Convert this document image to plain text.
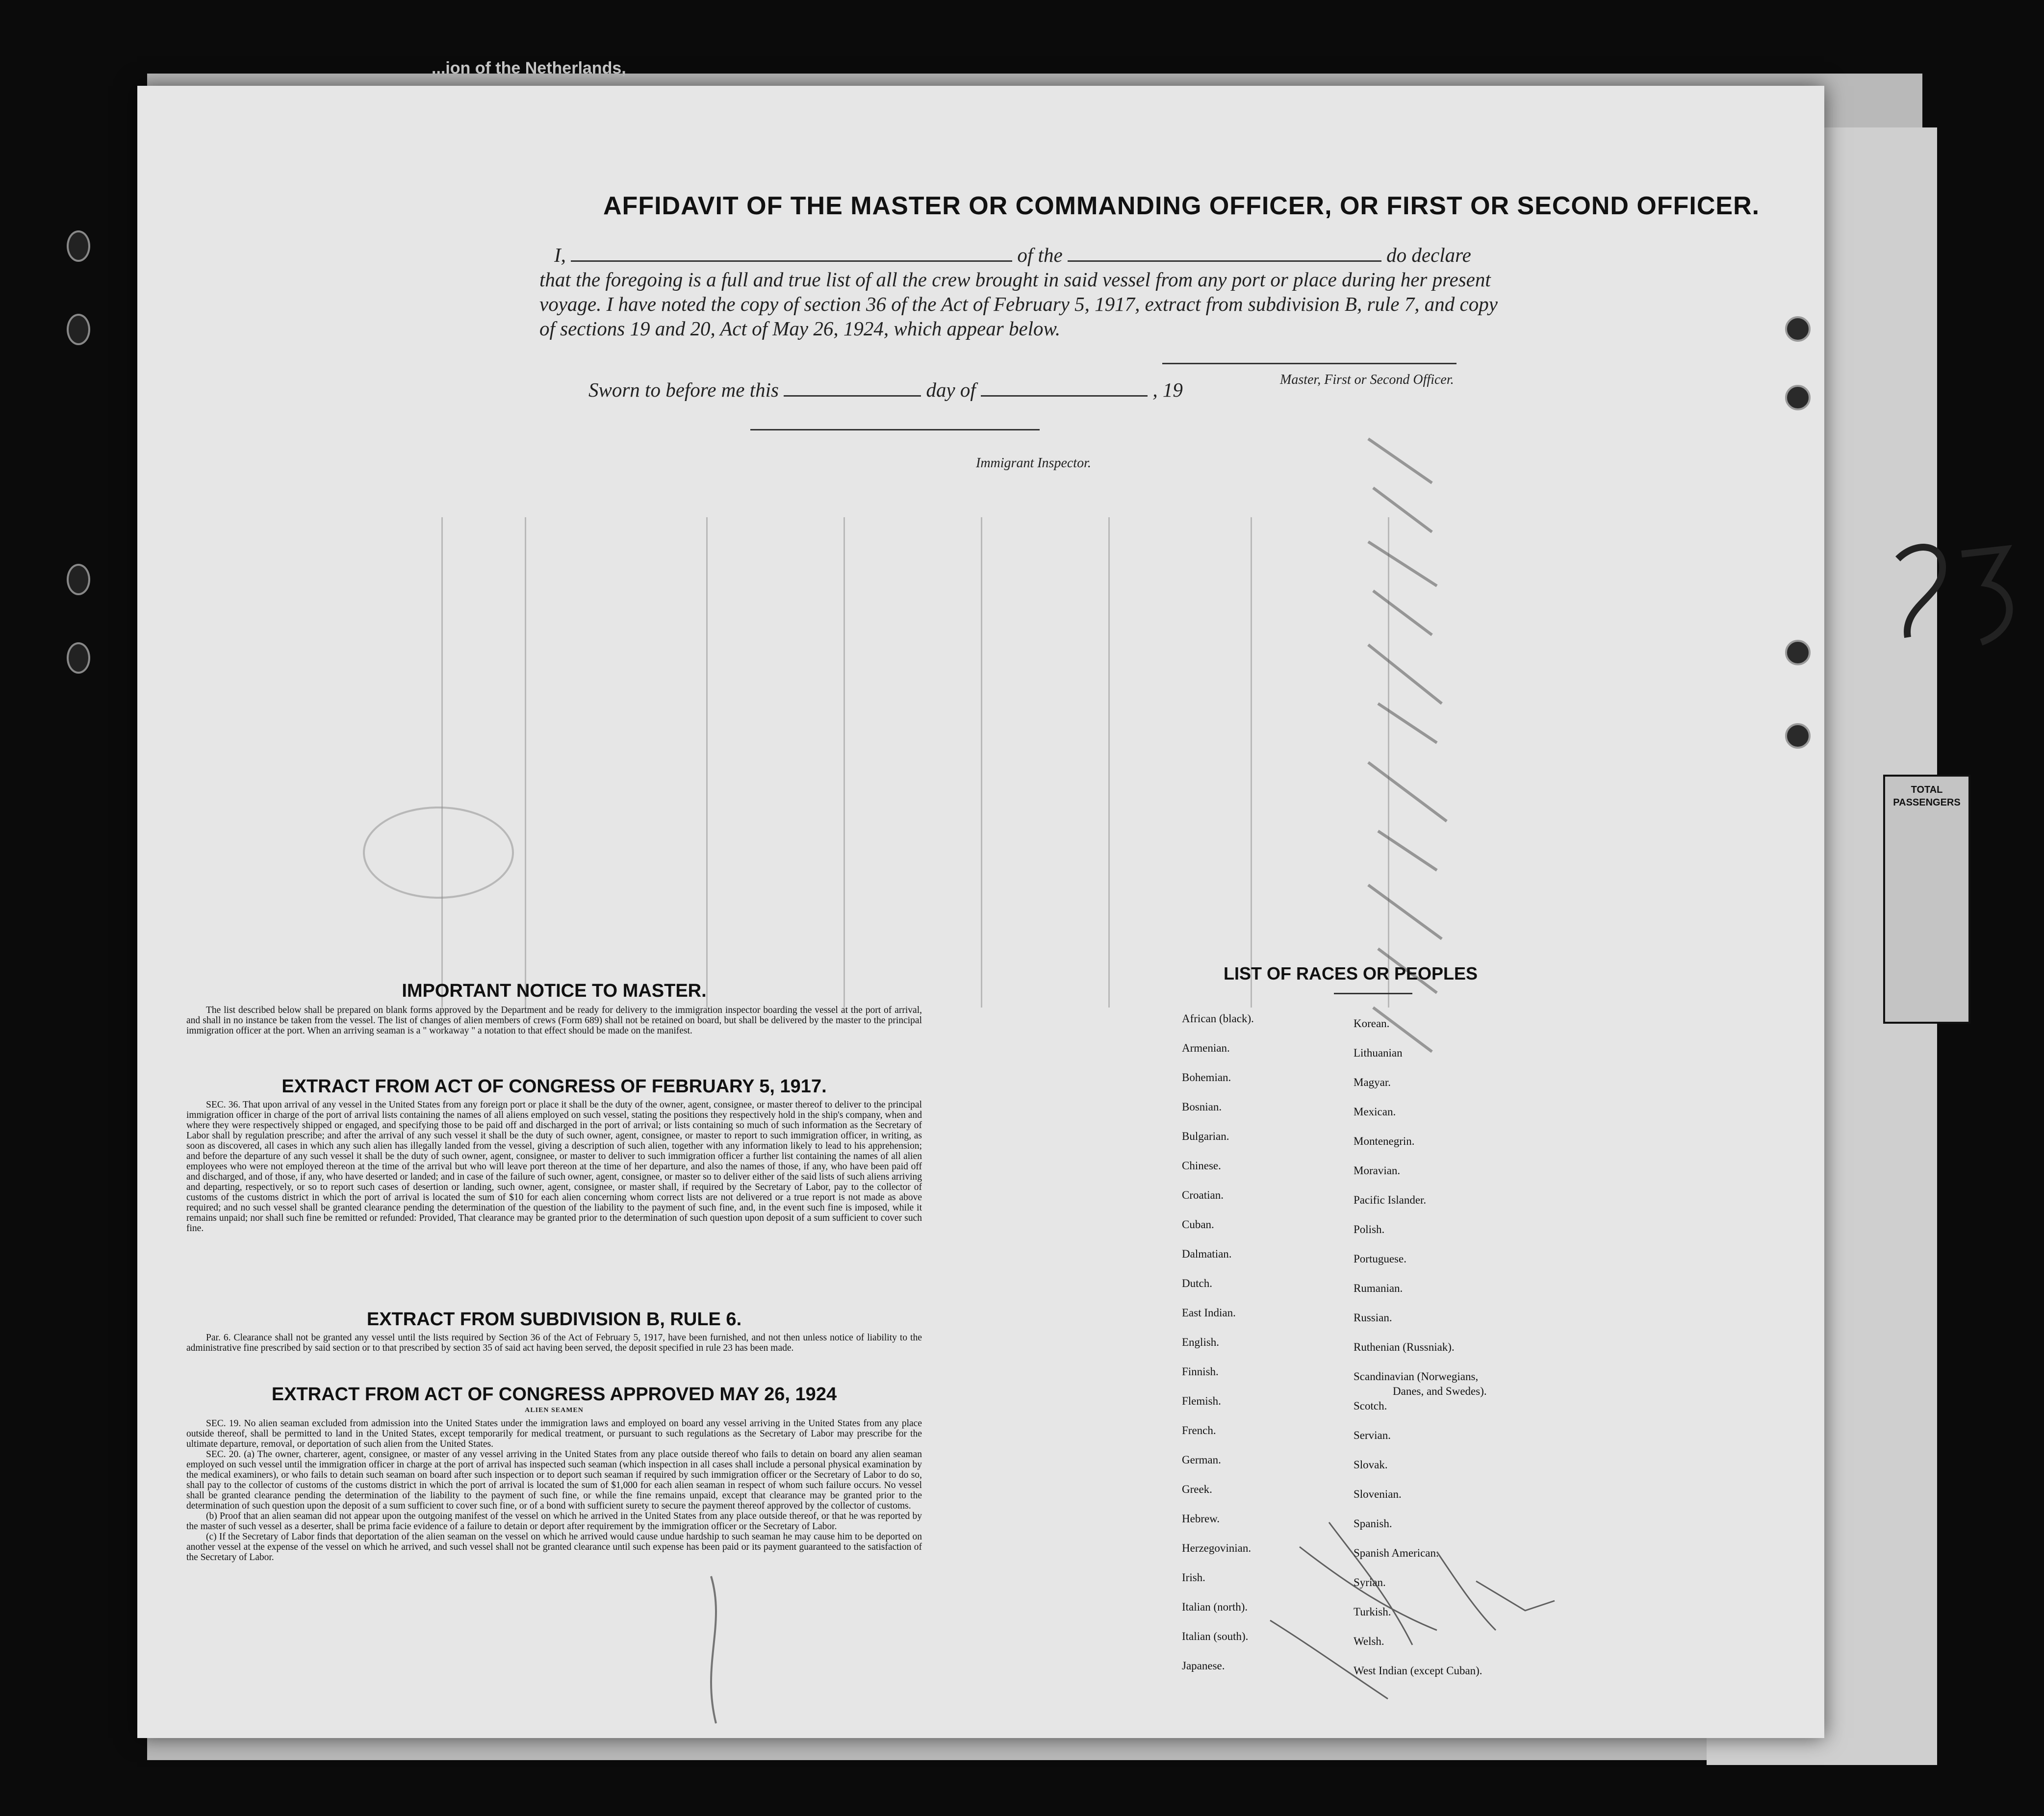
...ion of the Netherlands,
TOTAL PASSENGERS
AFFIDAVIT OF THE MASTER OR COMMANDING OFFICER, OR FIRST OR SECOND OFFICER.
I,	of the	do declare
that the foregoing is a full and true list of all the crew brought in said vessel from any port or place during her present
voyage. I have noted the copy of section 36 of the Act of February 5, 1917, extract from subdivision B, rule 7, and copy
of sections 19 and 20, Act of May 26, 1924, which appear below.
Master, First or Second Officer.
Sworn to before me this	day of	, 19
Immigrant Inspector.
IMPORTANT NOTICE TO MASTER.

The list described below shall be prepared on blank forms approved by the Department and be ready for delivery to the immigration inspector boarding the vessel at the port of arrival, and shall in no instance be taken from the vessel. The list of changes of alien members of crews (Form 689) shall not be retained on board, but shall be delivered by the master to the principal immigration officer at the port. When an arriving seaman is a " workaway " a notation to that effect should be made on the manifest.

EXTRACT FROM ACT OF CONGRESS OF FEBRUARY 5, 1917.

SEC. 36. That upon arrival of any vessel in the United States from any foreign port or place it shall be the duty of the owner, agent, consignee, or master thereof to deliver to the principal immigration officer in charge of the port of arrival lists containing the names of all aliens employed on such vessel, stating the positions they respectively hold in the ship's company, when and where they were respectively shipped or engaged, and specifying those to be paid off and discharged in the port of arrival; or lists containing so much of such information as the Secretary of Labor shall by regulation prescribe; and after the arrival of any such vessel it shall be the duty of such owner, agent, consignee, or master to report to such immigration officer, in writing, as soon as discovered, all cases in which any such alien has illegally landed from the vessel, giving a description of such alien, together with any information likely to lead to his apprehension; and before the departure of any such vessel it shall be the duty of such owner, agent, consignee, or master to deliver to such immigration officer a further list containing the names of all alien employees who were not employed thereon at the time of the arrival but who will leave port thereon at the time of her departure, and also the names of those, if any, who have been paid off and discharged, and of those, if any, who have deserted or landed; and in case of the failure of such owner, agent, consignee, or master so to deliver either of the said lists of such aliens arriving and departing, respectively, or so to report such cases of desertion or landing, such owner, agent, consignee, or master shall, if required by the Secretary of Labor, pay to the collector of customs of the customs district in which the port of arrival is located the sum of $10 for each alien concerning whom correct lists are not delivered or a true report is not made as above required; and no such vessel shall be granted clearance pending the determination of the question of the liability to the payment of such fine, and, in the event such fine is imposed, while it remains unpaid; nor shall such fine be remitted or refunded: Provided, That clearance may be granted prior to the determination of such question upon deposit of a sum sufficient to cover such fine.

EXTRACT FROM SUBDIVISION B, RULE 6.

Par. 6. Clearance shall not be granted any vessel until the lists required by Section 36 of the Act of February 5, 1917, have been furnished, and not then unless notice of liability to the administrative fine prescribed by said section or to that prescribed by section 35 of said act having been served, the deposit specified in rule 23 has been made.

EXTRACT FROM ACT OF CONGRESS APPROVED MAY 26, 1924
ALIEN SEAMEN

SEC. 19. No alien seaman excluded from admission into the United States under the immigration laws and employed on board any vessel arriving in the United States from any place outside thereof, shall be permitted to land in the United States, except temporarily for medical treatment, or pursuant to such regulations as the Secretary of Labor may prescribe for the ultimate departure, removal, or deportation of such alien from the United States.

SEC. 20. (a) The owner, charterer, agent, consignee, or master of any vessel arriving in the United States from any place outside thereof who fails to detain on board any alien seaman employed on such vessel until the immigration officer in charge at the port of arrival has inspected such seaman (which inspection in all cases shall include a personal physical examination by the medical examiners), or who fails to detain such seaman on board after such inspection or to deport such seaman if required by such immigration officer or the Secretary of Labor to do so, shall pay to the collector of customs of the customs district in which the port of arrival is located the sum of $1,000 for each alien seaman in respect of whom such failure occurs. No vessel shall be granted clearance pending the determination of the liability to the payment of such fine, or while the fine remains unpaid, except that clearance may be granted prior to the determination of such question upon the deposit of a sum sufficient to cover such fine, or of a bond with sufficient surety to secure the payment thereof approved by the collector of customs.

(b) Proof that an alien seaman did not appear upon the outgoing manifest of the vessel on which he arrived in the United States from any place outside thereof, or that he was reported by the master of such vessel as a deserter, shall be prima facie evidence of a failure to detain or deport after requirement by the immigration officer or the Secretary of Labor.

(c) If the Secretary of Labor finds that deportation of the alien seaman on the vessel on which he arrived would cause undue hardship to such seaman he may cause him to be deported on another vessel at the expense of the vessel on which he arrived, and such vessel shall not be granted clearance until such expense has been paid or its payment guaranteed to the satisfaction of the Secretary of Labor.

LIST OF RACES OR PEOPLES
African (black).
Armenian.
Bohemian.
Bosnian.
Bulgarian.
Chinese.
Croatian.
Cuban.
Dalmatian.
Dutch.
East Indian.
English.
Finnish.
Flemish.
French.
German.
Greek.
Hebrew.
Herzegovinian.
Irish.
Italian (north).
Italian (south).
Japanese.
Korean.
Lithuanian
Magyar.
Mexican.
Montenegrin.
Moravian.
Pacific Islander.
Polish.
Portuguese.
Rumanian.
Russian.
Ruthenian (Russniak).
Scandinavian (Norwegians,
Danes, and Swedes).
Scotch.
Servian.
Slovak.
Slovenian.
Spanish.
Spanish American.
Syrian.
Turkish.
Welsh.
West Indian (except Cuban).
